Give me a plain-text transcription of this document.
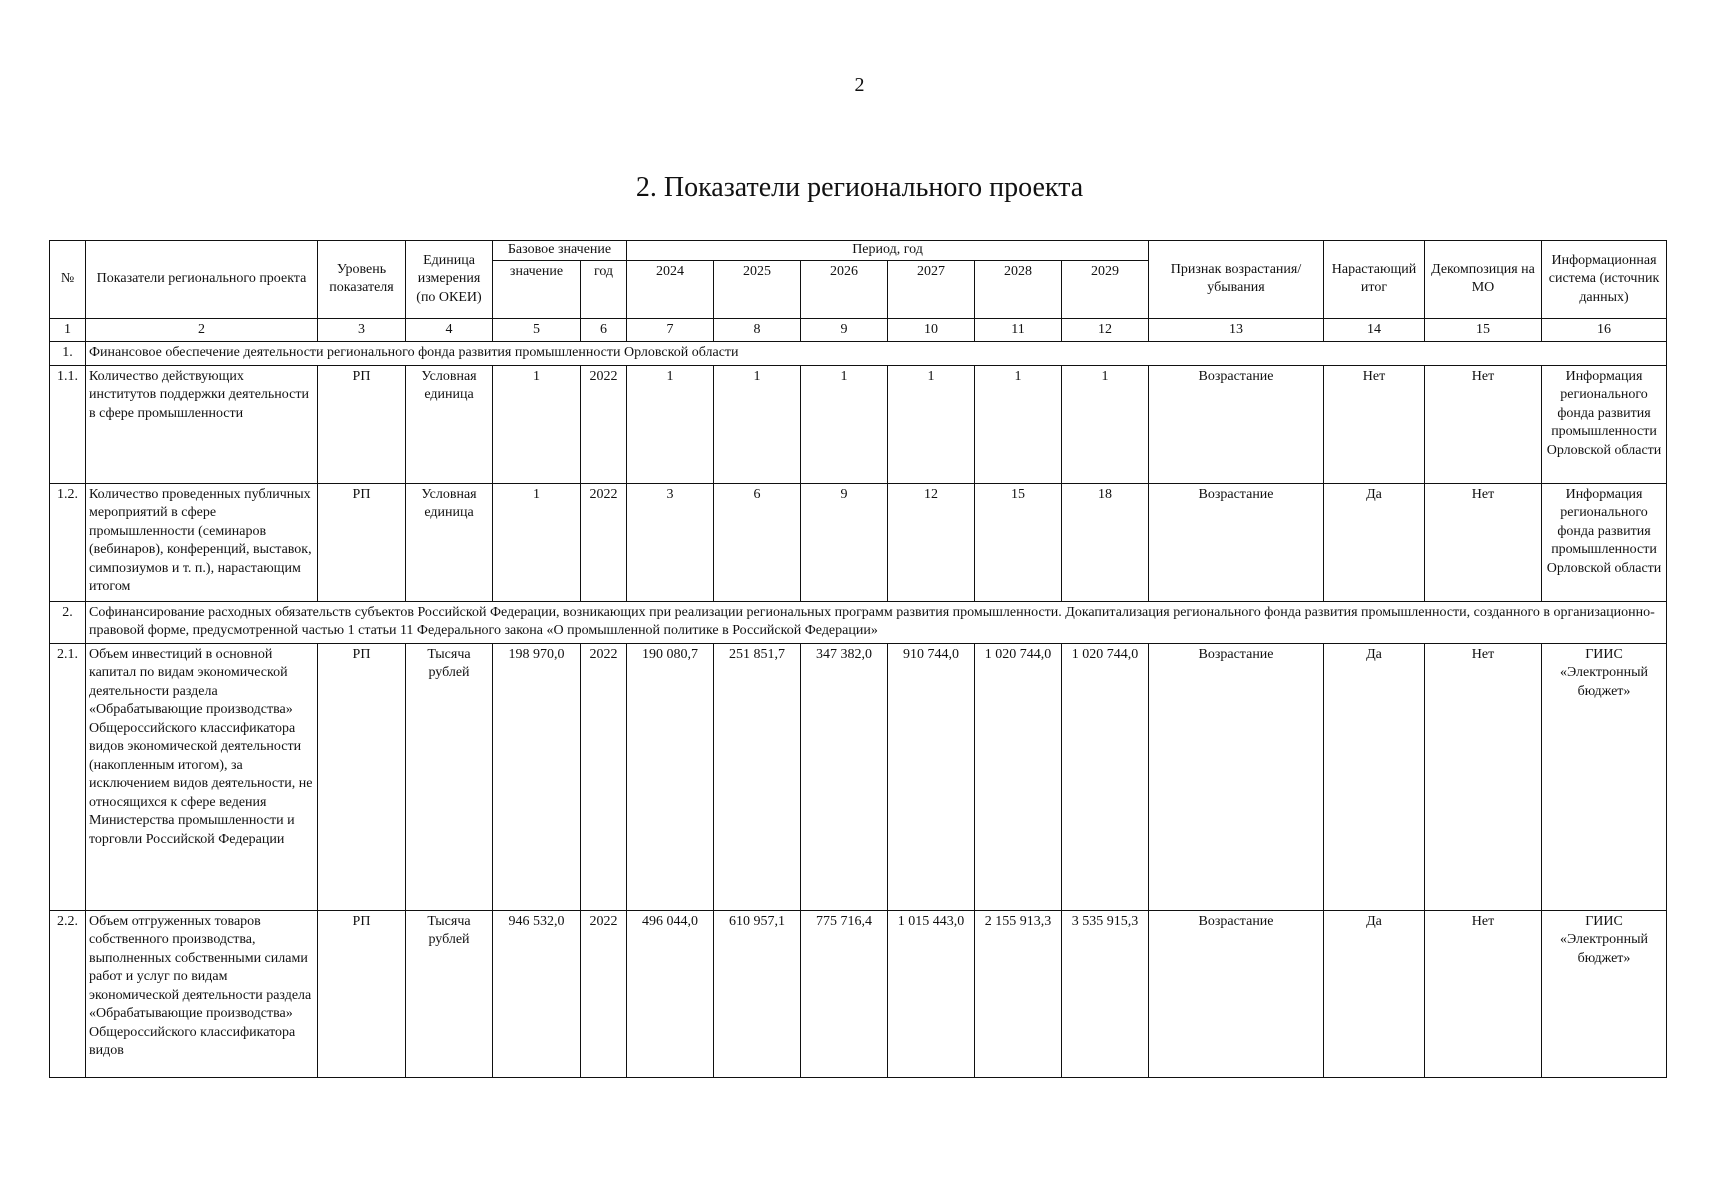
2
2. Показатели регионального проекта
№	Показатели регионального проекта	Уровень показателя	Единица измерения (по ОКЕИ)	Базовое значение		Период, год						Признак возрастания/убывания	Нарастающий итог	Декомпозиция на МО	Информационная система (источник данных)
				значение	год	2024	2025	2026	2027	2028	2029				
1	2	3	4	5	6	7	8	9	10	11	12	13	14	15	16
1.	Финансовое обеспечение деятельности регионального фонда развития промышленности Орловской области														
1.1.	Количество действующих институтов поддержки деятельности в сфере промышленности	РП	Условная единица	1	2022	1	1	1	1	1	1	Возрастание	Нет	Нет	Информация регионального фонда развития промышленности Орловской области
1.2.	Количество проведенных публичных мероприятий в сфере промышленности (семинаров (вебинаров), конференций, выставок, симпозиумов и т. п.), нарастающим итогом	РП	Условная единица	1	2022	3	6	9	12	15	18	Возрастание	Да	Нет	Информация регионального фонда развития промышленности Орловской области
2.	Софинансирование расходных обязательств субъектов Российской Федерации, возникающих при реализации региональных программ развития промышленности. Докапитализация регионального фонда развития промышленности, созданного в организационно-правовой форме, предусмотренной частью 1 статьи 11 Федерального закона «О промышленной политике в Российской Федерации»														
2.1.	Объем инвестиций в основной капитал по видам экономической деятельности раздела «Обрабатывающие производства» Общероссийского классификатора видов экономической деятельности (накопленным итогом), за исключением видов деятельности, не относящихся к сфере ведения Министерства промышленности и торговли Российской Федерации	РП	Тысяча рублей	198 970,0	2022	190 080,7	251 851,7	347 382,0	910 744,0	1 020 744,0	1 020 744,0	Возрастание	Да	Нет	ГИИС «Электронный бюджет»
2.2.	Объем отгруженных товаров собственного производства, выполненных собственными силами работ и услуг по видам экономической деятельности раздела «Обрабатывающие производства» Общероссийского классификатора видов	РП	Тысяча рублей	946 532,0	2022	496 044,0	610 957,1	775 716,4	1 015 443,0	2 155 913,3	3 535 915,3	Возрастание	Да	Нет	ГИИС «Электронный бюджет»
